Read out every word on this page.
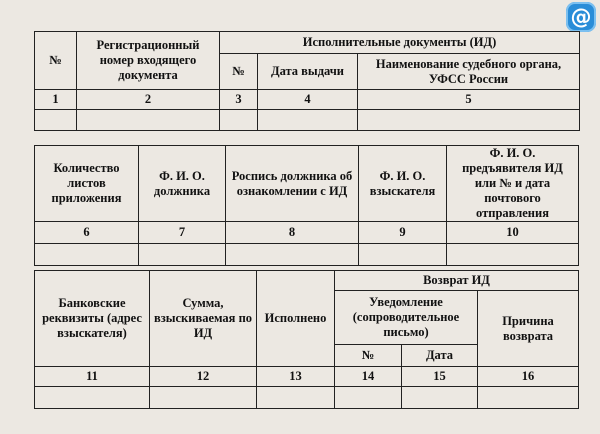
@
№	Регистрационный номер входящего документа	Исполнительные документы (ИД)		
		№	Дата выдачи	Наименование судебного органа, УФСС России
1	2	3	4	5

Количество листов приложения	Ф. И. О. должника	Роспись должника об ознакомлении с ИД	Ф. И. О. взыскателя	Ф. И. О. предъявителя ИД или № и дата почтового отправления
6	7	8	9	10

Банковские реквизиты (адрес взыскателя)	Сумма, взыскиваемая по ИД	Исполнено	Возврат ИД		
			Уведомление (сопроводительное письмо)		Причина возврата
			№	Дата	
11	12	13	14	15	16
